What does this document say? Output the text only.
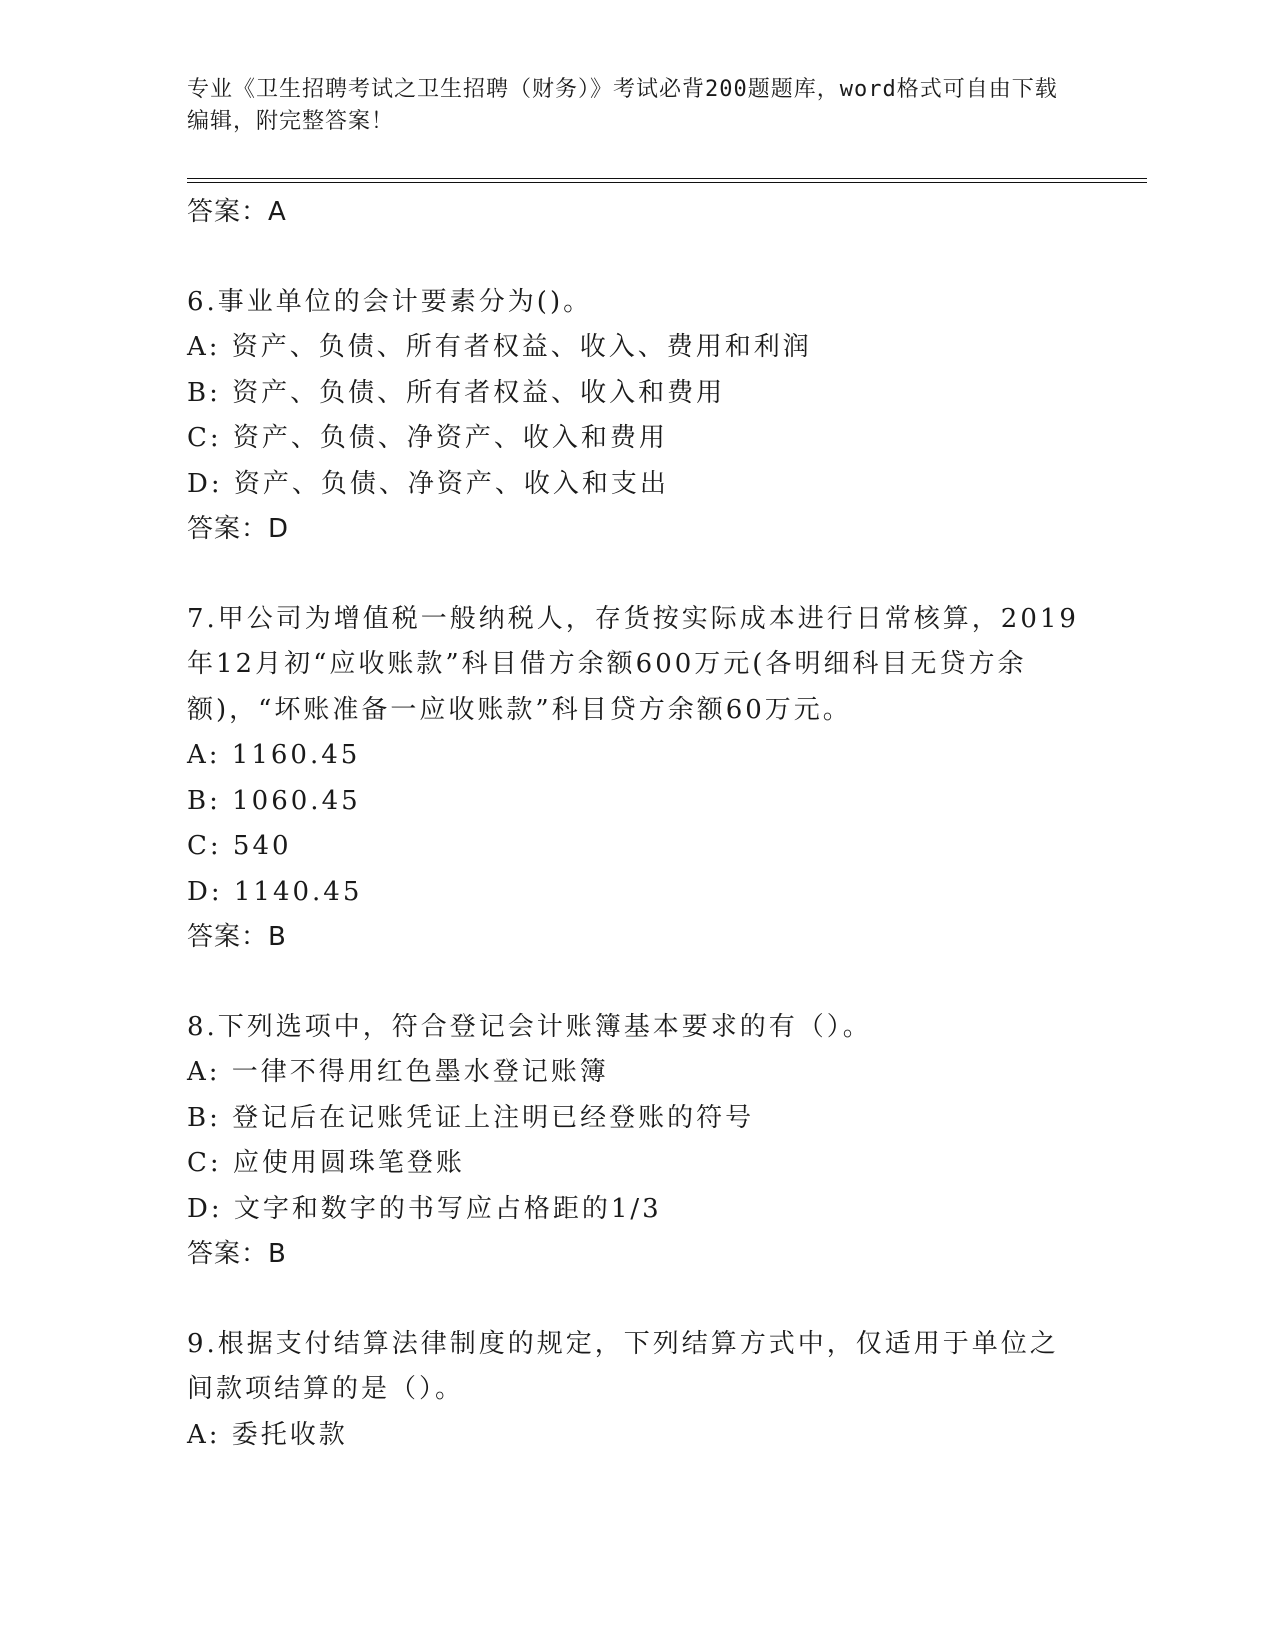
专业《卫生招聘考试之卫生招聘（财务）》考试必背200题题库，word格式可自由下载编辑，附完整答案！
答案：A
6.事业单位的会计要素分为()。
A: 资产、负债、所有者权益、收入、费用和利润
B: 资产、负债、所有者权益、收入和费用
C: 资产、负债、净资产、收入和费用
D: 资产、负债、净资产、收入和支出
答案：D
7.甲公司为增值税一般纳税人，存货按实际成本进行日常核算，2019
年12月初“应收账款”科目借方余额600万元(各明细科目无贷方余
额)，“坏账准备一应收账款”科目贷方余额60万元。
A: 1160.45
B: 1060.45
C: 540
D: 1140.45
答案：B
8.下列选项中，符合登记会计账簿基本要求的有（）。
A: 一律不得用红色墨水登记账簿
B: 登记后在记账凭证上注明已经登账的符号
C: 应使用圆珠笔登账
D: 文字和数字的书写应占格距的1/3
答案：B
9.根据支付结算法律制度的规定，下列结算方式中，仅适用于单位之
间款项结算的是（）。
A: 委托收款
